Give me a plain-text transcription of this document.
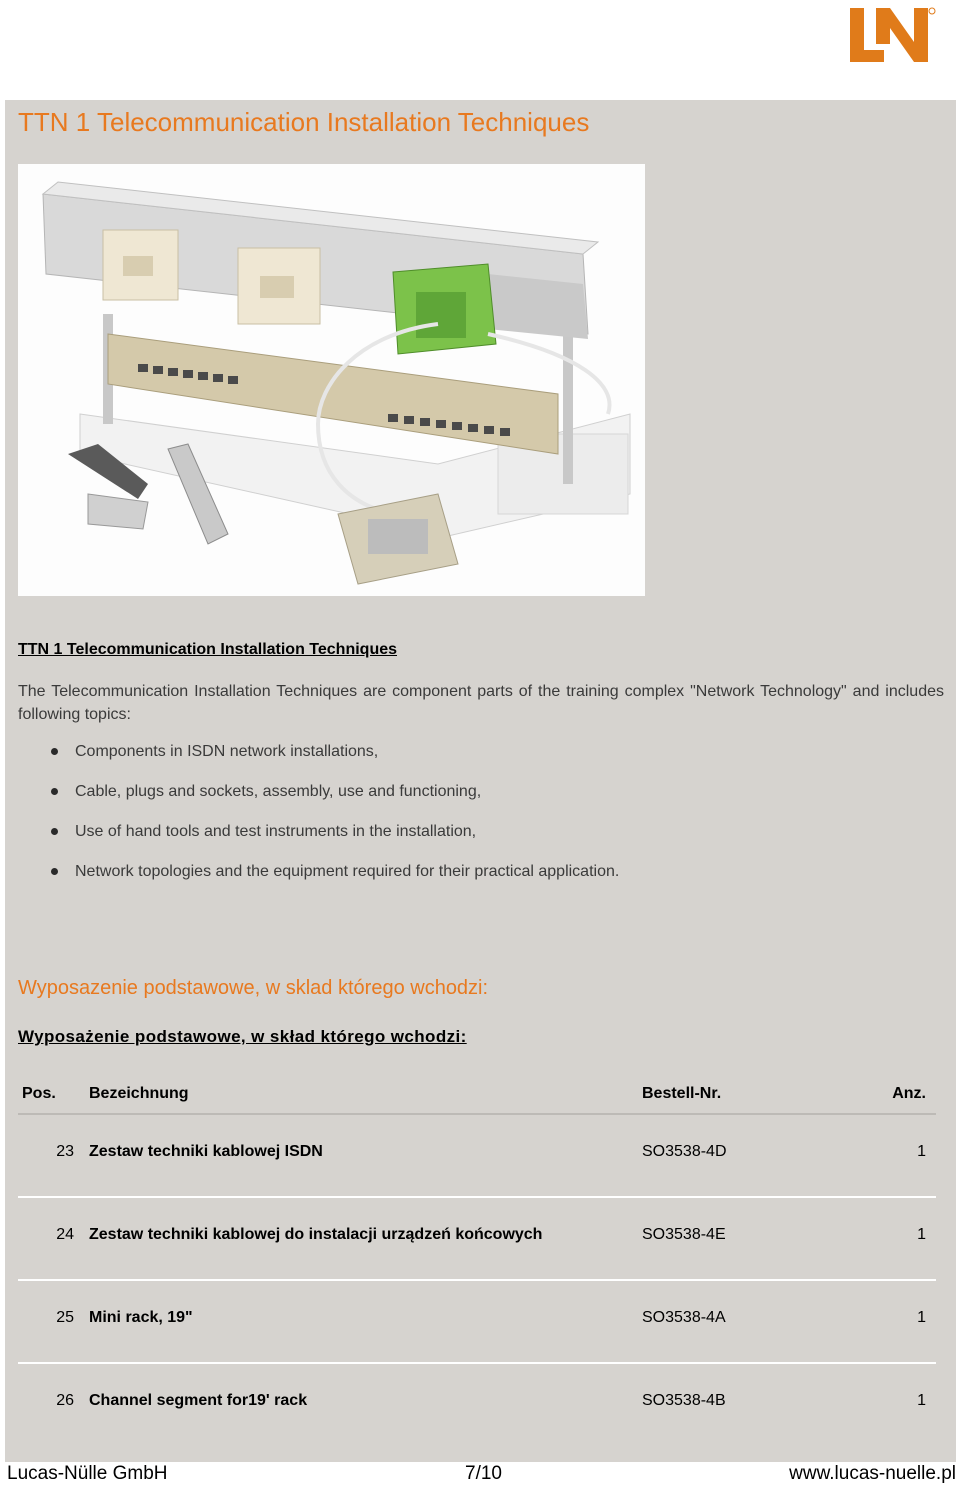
TTN 1 Telecommunication Installation Techniques
TTN 1 Telecommunication Installation Techniques

The Telecommunication Installation Techniques are component parts of the training complex "Network Technology" and includes following topics:

Components in ISDN network installations,
Cable, plugs and sockets, assembly, use and functioning,
Use of hand tools and test instruments in the installation,
Network topologies and the equipment required for their practical application.
Wyposazenie podstawowe, w sklad którego wchodzi:
Wyposażenie podstawowe, w skład którego wchodzi:
Pos. Bezeichnung	Bestell-Nr.	Anz.
23 Zestaw techniki kablowej ISDN	SO3538-4D	1
24 Zestaw techniki kablowej do instalacji urządzeń końcowych	SO3538-4E	1
25 Mini rack, 19"	SO3538-4A	1
26 Channel segment for19' rack	SO3538-4B	1
Lucas-Nülle GmbH	7/10	www.lucas-nuelle.pl
